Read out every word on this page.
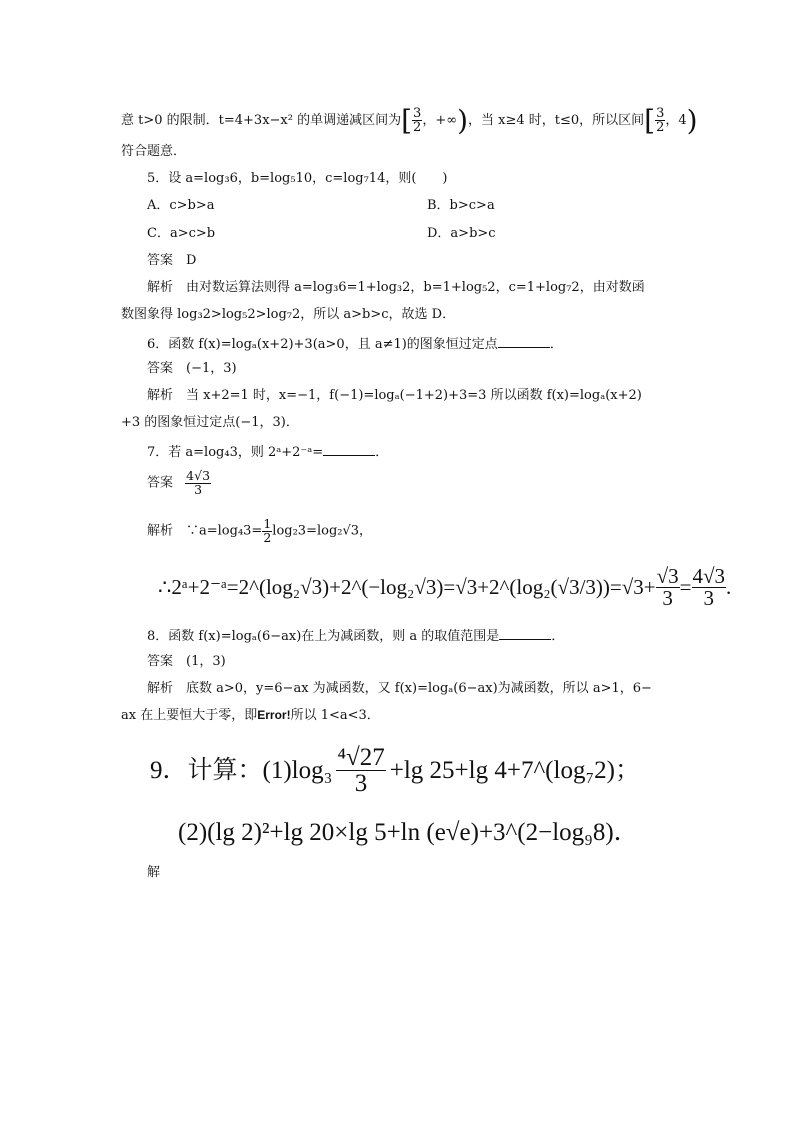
意 t>0 的限制．t=4+3x−x² 的单调递减区间为[ $\frac{3}{2}$ ，+∞)，当 x≥4 时，t≤0，所以区间[ $\frac{3}{2}$ ，4)
符合题意．
5．设 a=log₃6，b=log₅10，c=log₇14，则(　　)
A．c>b>a	B．b>c>a
C．a>c>b	D．a>b>c
答案　D
解析　由对数运算法则得 a=log₃6=1+log₃2，b=1+log₅2，c=1+log₇2，由对数函
数图象得 log₃2>log₅2>log₇2，所以 a>b>c，故选 D．
6．函数 f(x)=logₐ(x+2)+3(a>0，且 a≠1)的图象恒过定点	．
答案　(−1，3)
解析　当 x+2=1 时，x=−1，f(−1)=logₐ(−1+2)+3=3 所以函数 f(x)=logₐ(x+2)
+3 的图象恒过定点(−1，3)．
7．若 a=log₄3，则 2ᵃ+2⁻ᵃ=	．
答案 $\frac{4√3}{3}$
解析　∵a=log₄3= $\frac{1}{2} \log_23=\log_2√3$，
∴2ᵃ+2⁻ᵃ=2^(log₂√3)+2^(−log₂√3)=√3+2^(log₂(√3/3))=√3+ $\frac{√3}{3} = \frac{4√3}{3}$ .
8．函数 f(x)=logₐ(6−ax)在上为减函数，则 a 的取值范围是	．
答案　(1，3)
解析　底数 a>0，y=6−ax 为减函数，又 f(x)=logₐ(6−ax)为减函数，所以 a>1，6−
ax 在上要恒大于零，即Error!所以 1<a<3．
9．计算：$(1)\log_3 \frac{\text{⁴√27}}{3} +\lg$ 25+lg 4+7^(log₇2)；
(2)(lg 2)²+lg 20×lg 5+ln (e√e)+3^(2−log₉8)．
解
